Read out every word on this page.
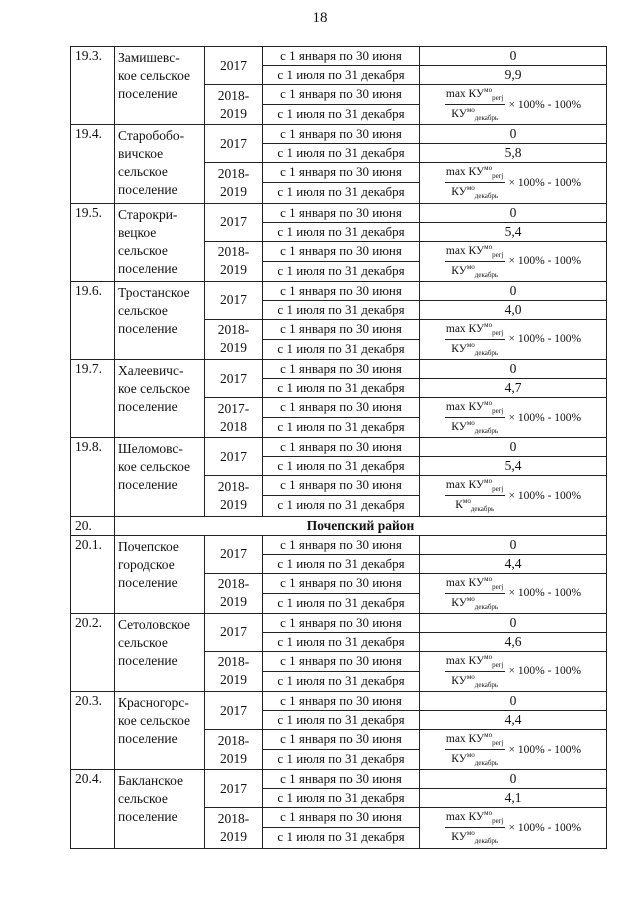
18
19.3.	Замишевс-
кое сельское
поселение	2017	с 1 января по 30 июня	0
			с 1 июля по 31 декабря	9,9
		2018-
2019	с 1 января по 30 июня	$\frac{\max КУ^{мо}_{регj}}{КУ^{мо}_{декабрь}} \times 100\% - 100\%$

			с 1 июля по 31 декабря	
19.4.	Старобобо-
вичское
сельское
поселение	2017	с 1 января по 30 июня	0
			с 1 июля по 31 декабря	5,8
		2018-
2019	с 1 января по 30 июня	$\frac{\max КУ^{мо}_{регj}}{КУ^{мо}_{декабрь}} \times 100\% - 100\%$

			с 1 июля по 31 декабря	
19.5.	Старокри-
вецкое
сельское
поселение	2017	с 1 января по 30 июня	0
			с 1 июля по 31 декабря	5,4
		2018-
2019	с 1 января по 30 июня	$\frac{\max КУ^{мо}_{регj}}{КУ^{мо}_{декабрь}} \times 100\% - 100\%$

			с 1 июля по 31 декабря	
19.6.	Тростанское
сельское
поселение	2017	с 1 января по 30 июня	0
			с 1 июля по 31 декабря	4,0
		2018-
2019	с 1 января по 30 июня	$\frac{\max КУ^{мо}_{регj}}{КУ^{мо}_{декабрь}} \times 100\% - 100\%$

			с 1 июля по 31 декабря	
19.7.	Халеевичс-
кое сельское
поселение	2017	с 1 января по 30 июня	0
			с 1 июля по 31 декабря	4,7
		2017-
2018	с 1 января по 30 июня	$\frac{\max КУ^{мо}_{регj}}{КУ^{мо}_{декабрь}} \times 100\% - 100\%$

			с 1 июля по 31 декабря	
19.8.	Шеломовс-
кое сельское
поселение	2017	с 1 января по 30 июня	0
			с 1 июля по 31 декабря	5,4
		2018-
2019	с 1 января по 30 июня	$\frac{\max КУ^{мо}_{регj}}{К^{мо}_{декабрь}} \times 100\% - 100\%$

			с 1 июля по 31 декабря	
20.	Почепский район			
20.1.	Почепское
городское
поселение	2017	с 1 января по 30 июня	0
			с 1 июля по 31 декабря	4,4
		2018-
2019	с 1 января по 30 июня	$\frac{\max КУ^{мо}_{регj}}{КУ^{мо}_{декабрь}} \times 100\% - 100\%$

			с 1 июля по 31 декабря	
20.2.	Сетоловское
сельское
поселение	2017	с 1 января по 30 июня	0
			с 1 июля по 31 декабря	4,6
		2018-
2019	с 1 января по 30 июня	$\frac{\max КУ^{мо}_{регj}}{КУ^{мо}_{декабрь}} \times 100\% - 100\%$

			с 1 июля по 31 декабря	
20.3.	Красногорс-
кое сельское
поселение	2017	с 1 января по 30 июня	0
			с 1 июля по 31 декабря	4,4
		2018-
2019	с 1 января по 30 июня	$\frac{\max КУ^{мо}_{регj}}{КУ^{мо}_{декабрь}} \times 100\% - 100\%$

			с 1 июля по 31 декабря	
20.4.	Бакланское
сельское
поселение	2017	с 1 января по 30 июня	0
			с 1 июля по 31 декабря	4,1
		2018-
2019	с 1 января по 30 июня	$\frac{\max КУ^{мо}_{регj}}{КУ^{мо}_{декабрь}} \times 100\% - 100\%$

			с 1 июля по 31 декабря	
